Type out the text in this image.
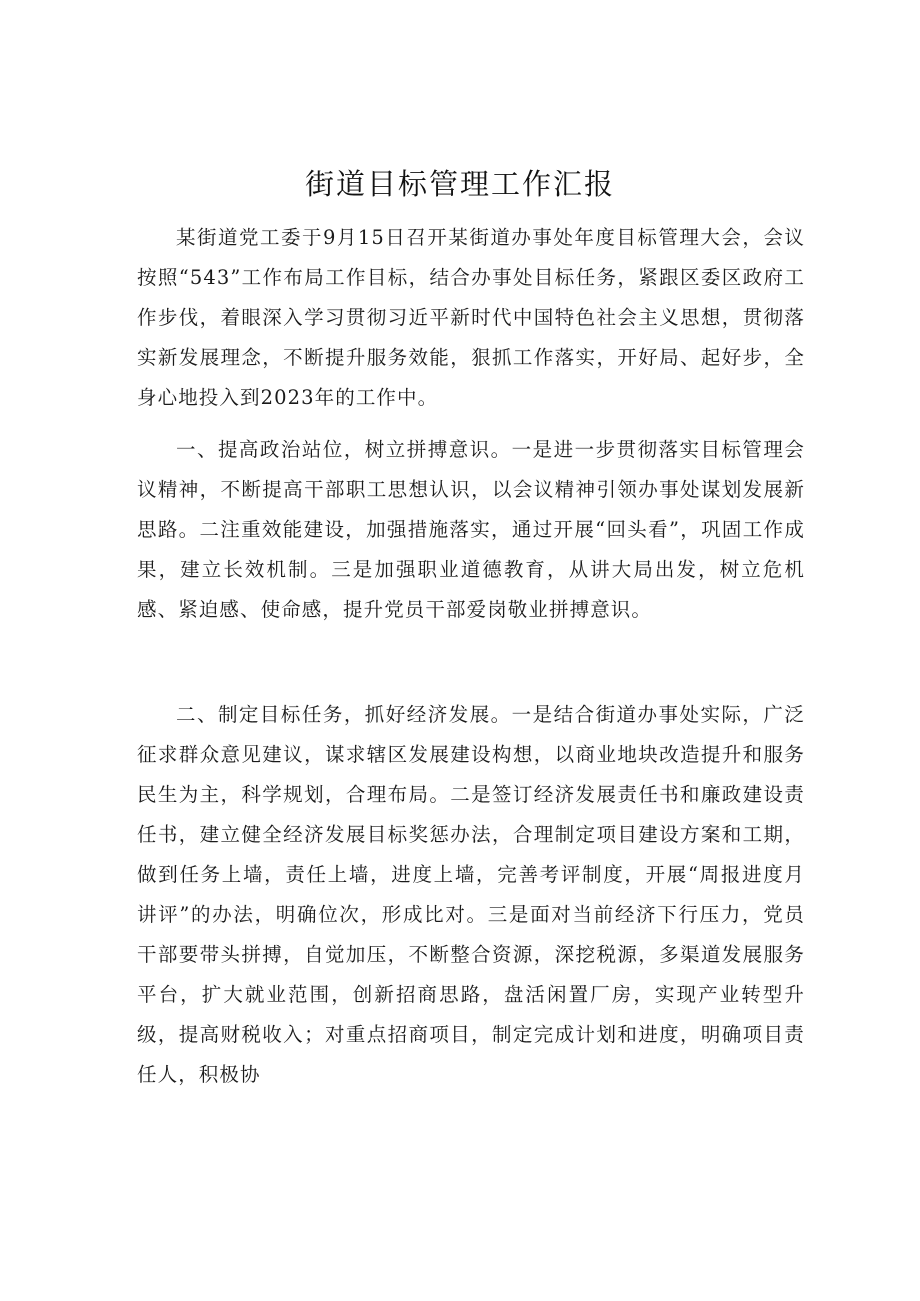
街道目标管理工作汇报

某街道党工委于9月15日召开某街道办事处年度目标管理大会，会议按照“543”工作布局工作目标，结合办事处目标任务，紧跟区委区政府工作步伐，着眼深入学习贯彻习近平新时代中国特色社会主义思想，贯彻落实新发展理念，不断提升服务效能，狠抓工作落实，开好局、起好步，全身心地投入到2023年的工作中。

一、提高政治站位，树立拼搏意识。一是进一步贯彻落实目标管理会议精神，不断提高干部职工思想认识，以会议精神引领办事处谋划发展新思路。二注重效能建设，加强措施落实，通过开展“回头看”，巩固工作成果，建立长效机制。三是加强职业道德教育，从讲大局出发，树立危机感、紧迫感、使命感，提升党员干部爱岗敬业拼搏意识。

二、制定目标任务，抓好经济发展。一是结合街道办事处实际，广泛征求群众意见建议，谋求辖区发展建设构想，以商业地块改造提升和服务民生为主，科学规划，合理布局。二是签订经济发展责任书和廉政建设责任书，建立健全经济发展目标奖惩办法，合理制定项目建设方案和工期，做到任务上墙，责任上墙，进度上墙，完善考评制度，开展“周报进度月讲评”的办法，明确位次，形成比对。三是面对当前经济下行压力，党员干部要带头拼搏，自觉加压，不断整合资源，深挖税源，多渠道发展服务平台，扩大就业范围，创新招商思路，盘活闲置厂房，实现产业转型升级，提高财税收入；对重点招商项目，制定完成计划和进度，明确项目责任人，积极协
